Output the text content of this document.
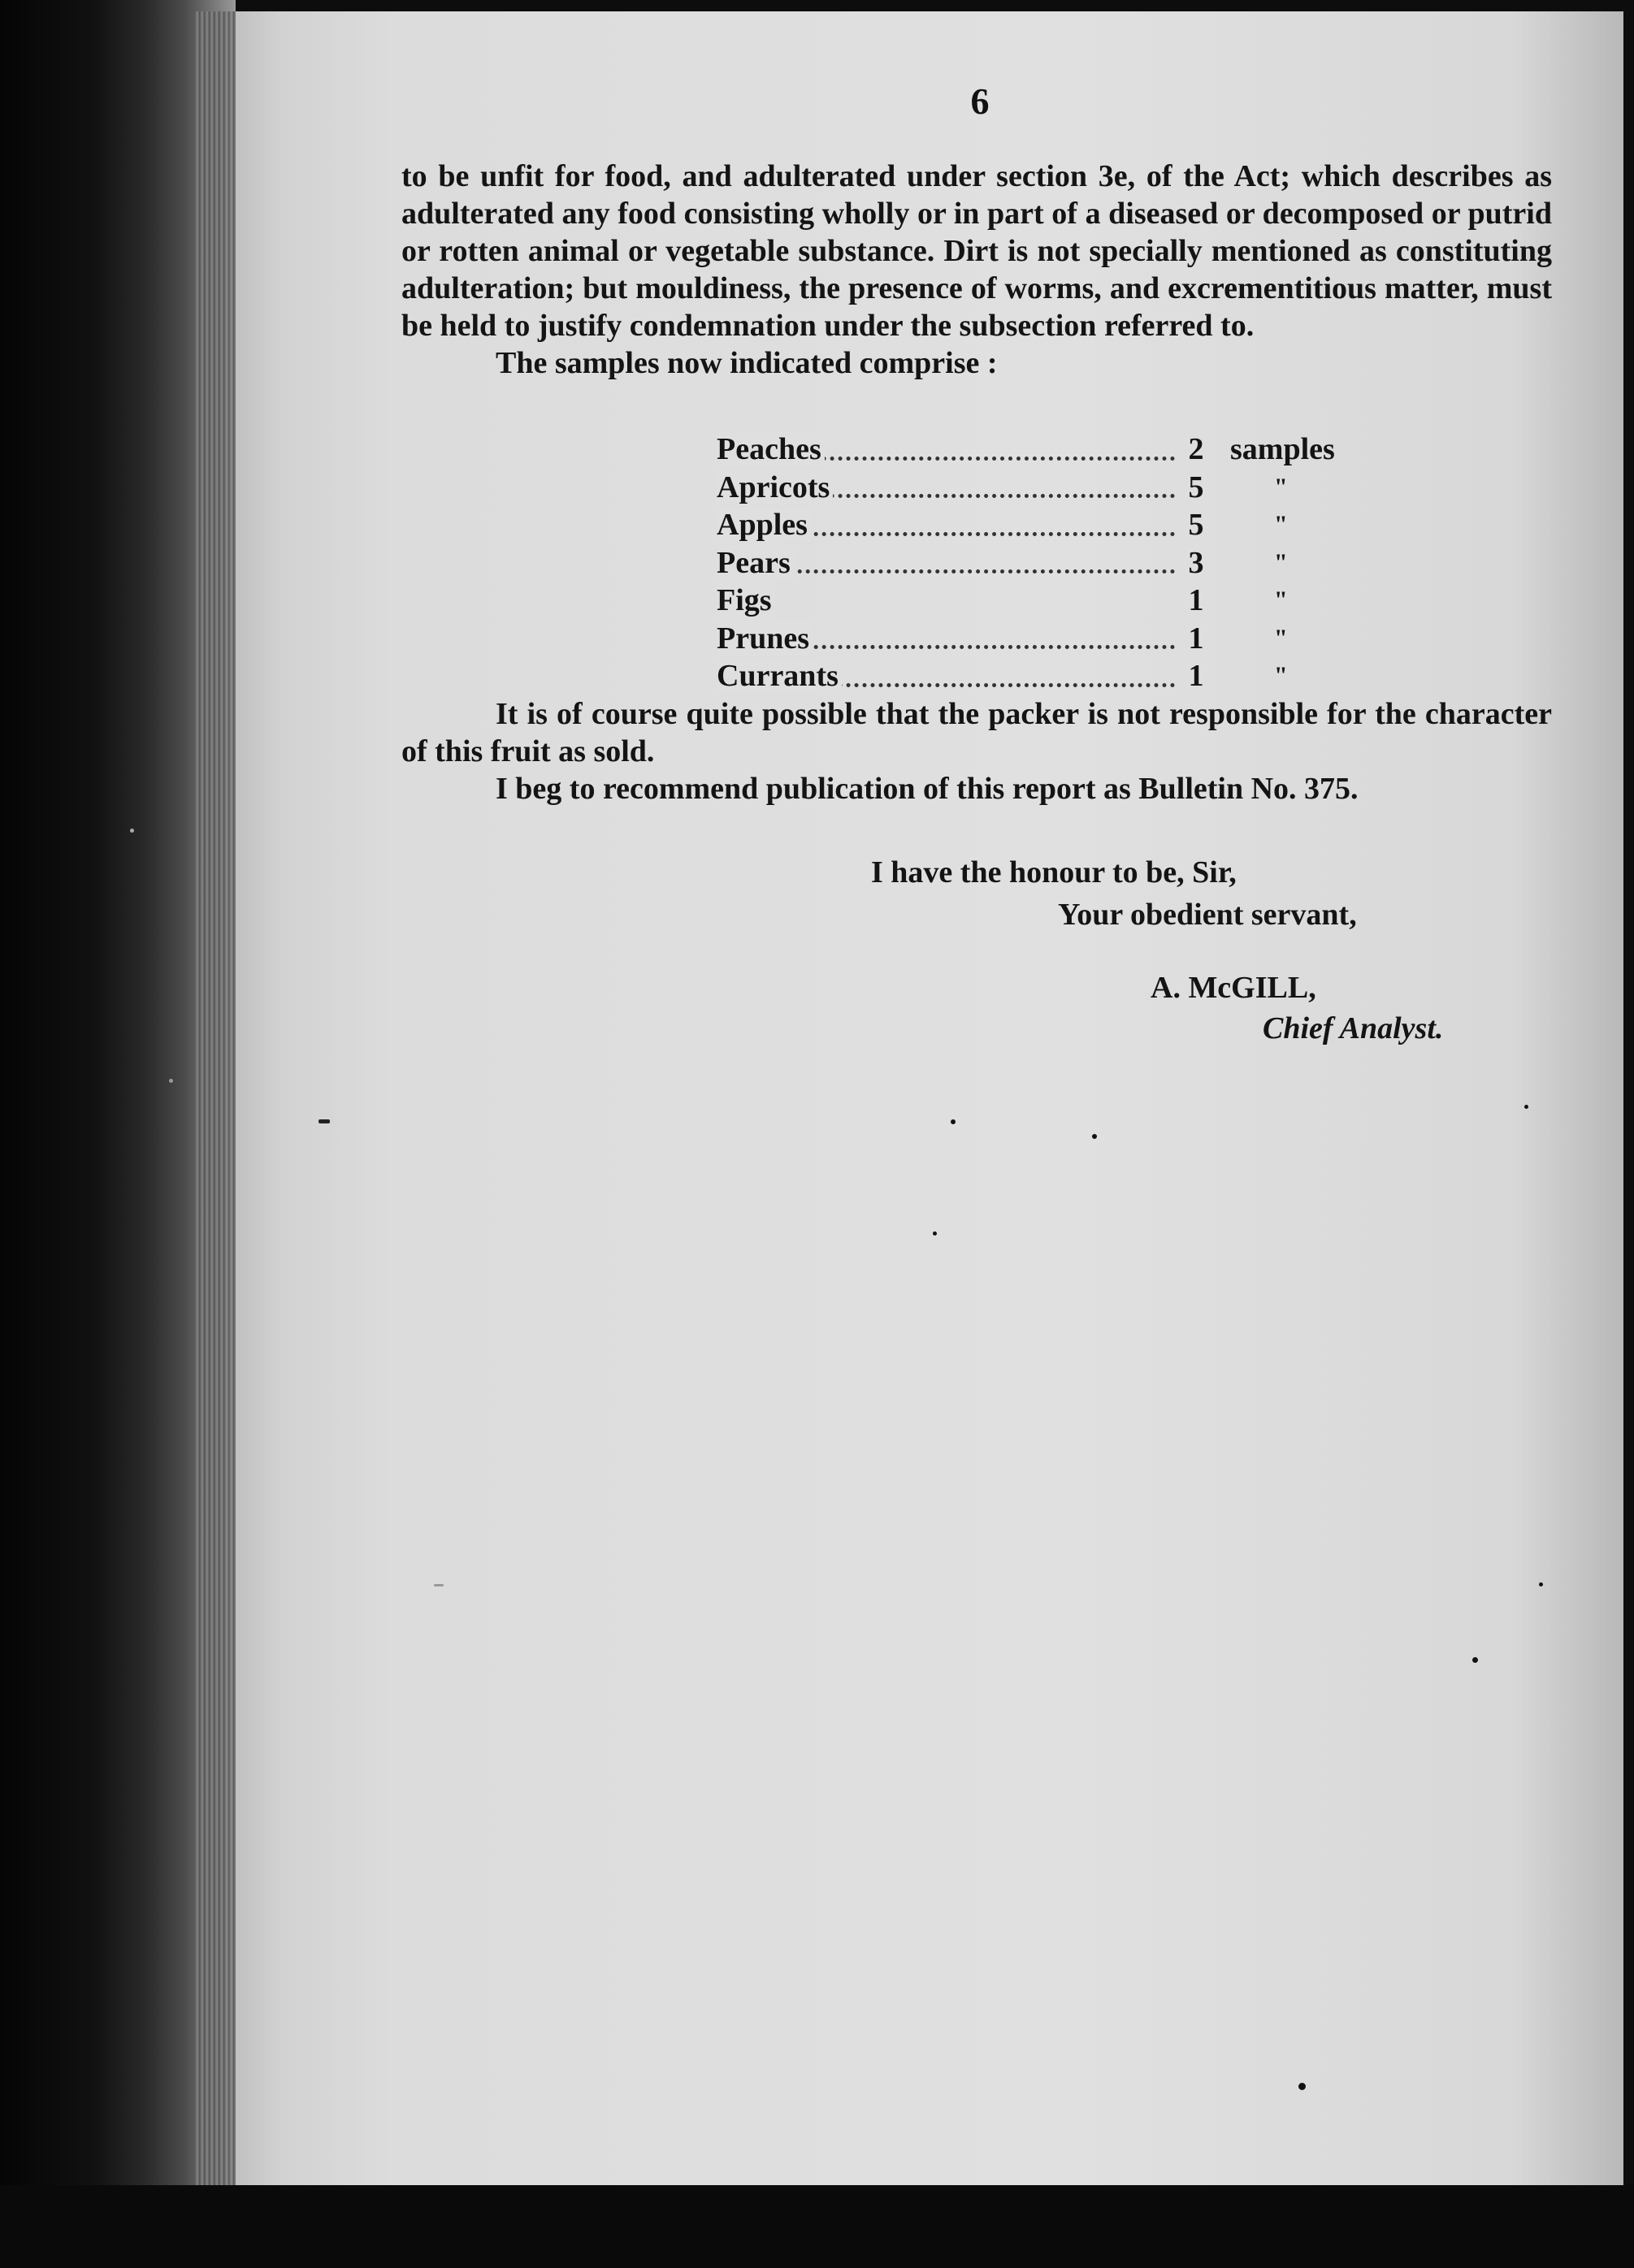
6

to be unfit for food, and adulterated under section 3e, of the Act; which describes as adulterated any food consisting wholly or in part of a diseased or decomposed or putrid or rotten animal or vegetable substance. Dirt is not specially mentioned as constituting adulteration; but mouldiness, the presence of worms, and excrementitious matter, must be held to justify condemnation under the subsection referred to.

The samples now indicated comprise :

Peaches	2	samples

Apricots	5	"

Apples	5	"

Pears	3	"
Figs	1	"

Prunes	1	"

Currants	1	"

It is of course quite possible that the packer is not responsible for the character of this fruit as sold.

I beg to recommend publication of this report as Bulletin No. 375.

I have the honour to be, Sir,
Your obedient servant,
A. McGILL,
Chief Analyst.
